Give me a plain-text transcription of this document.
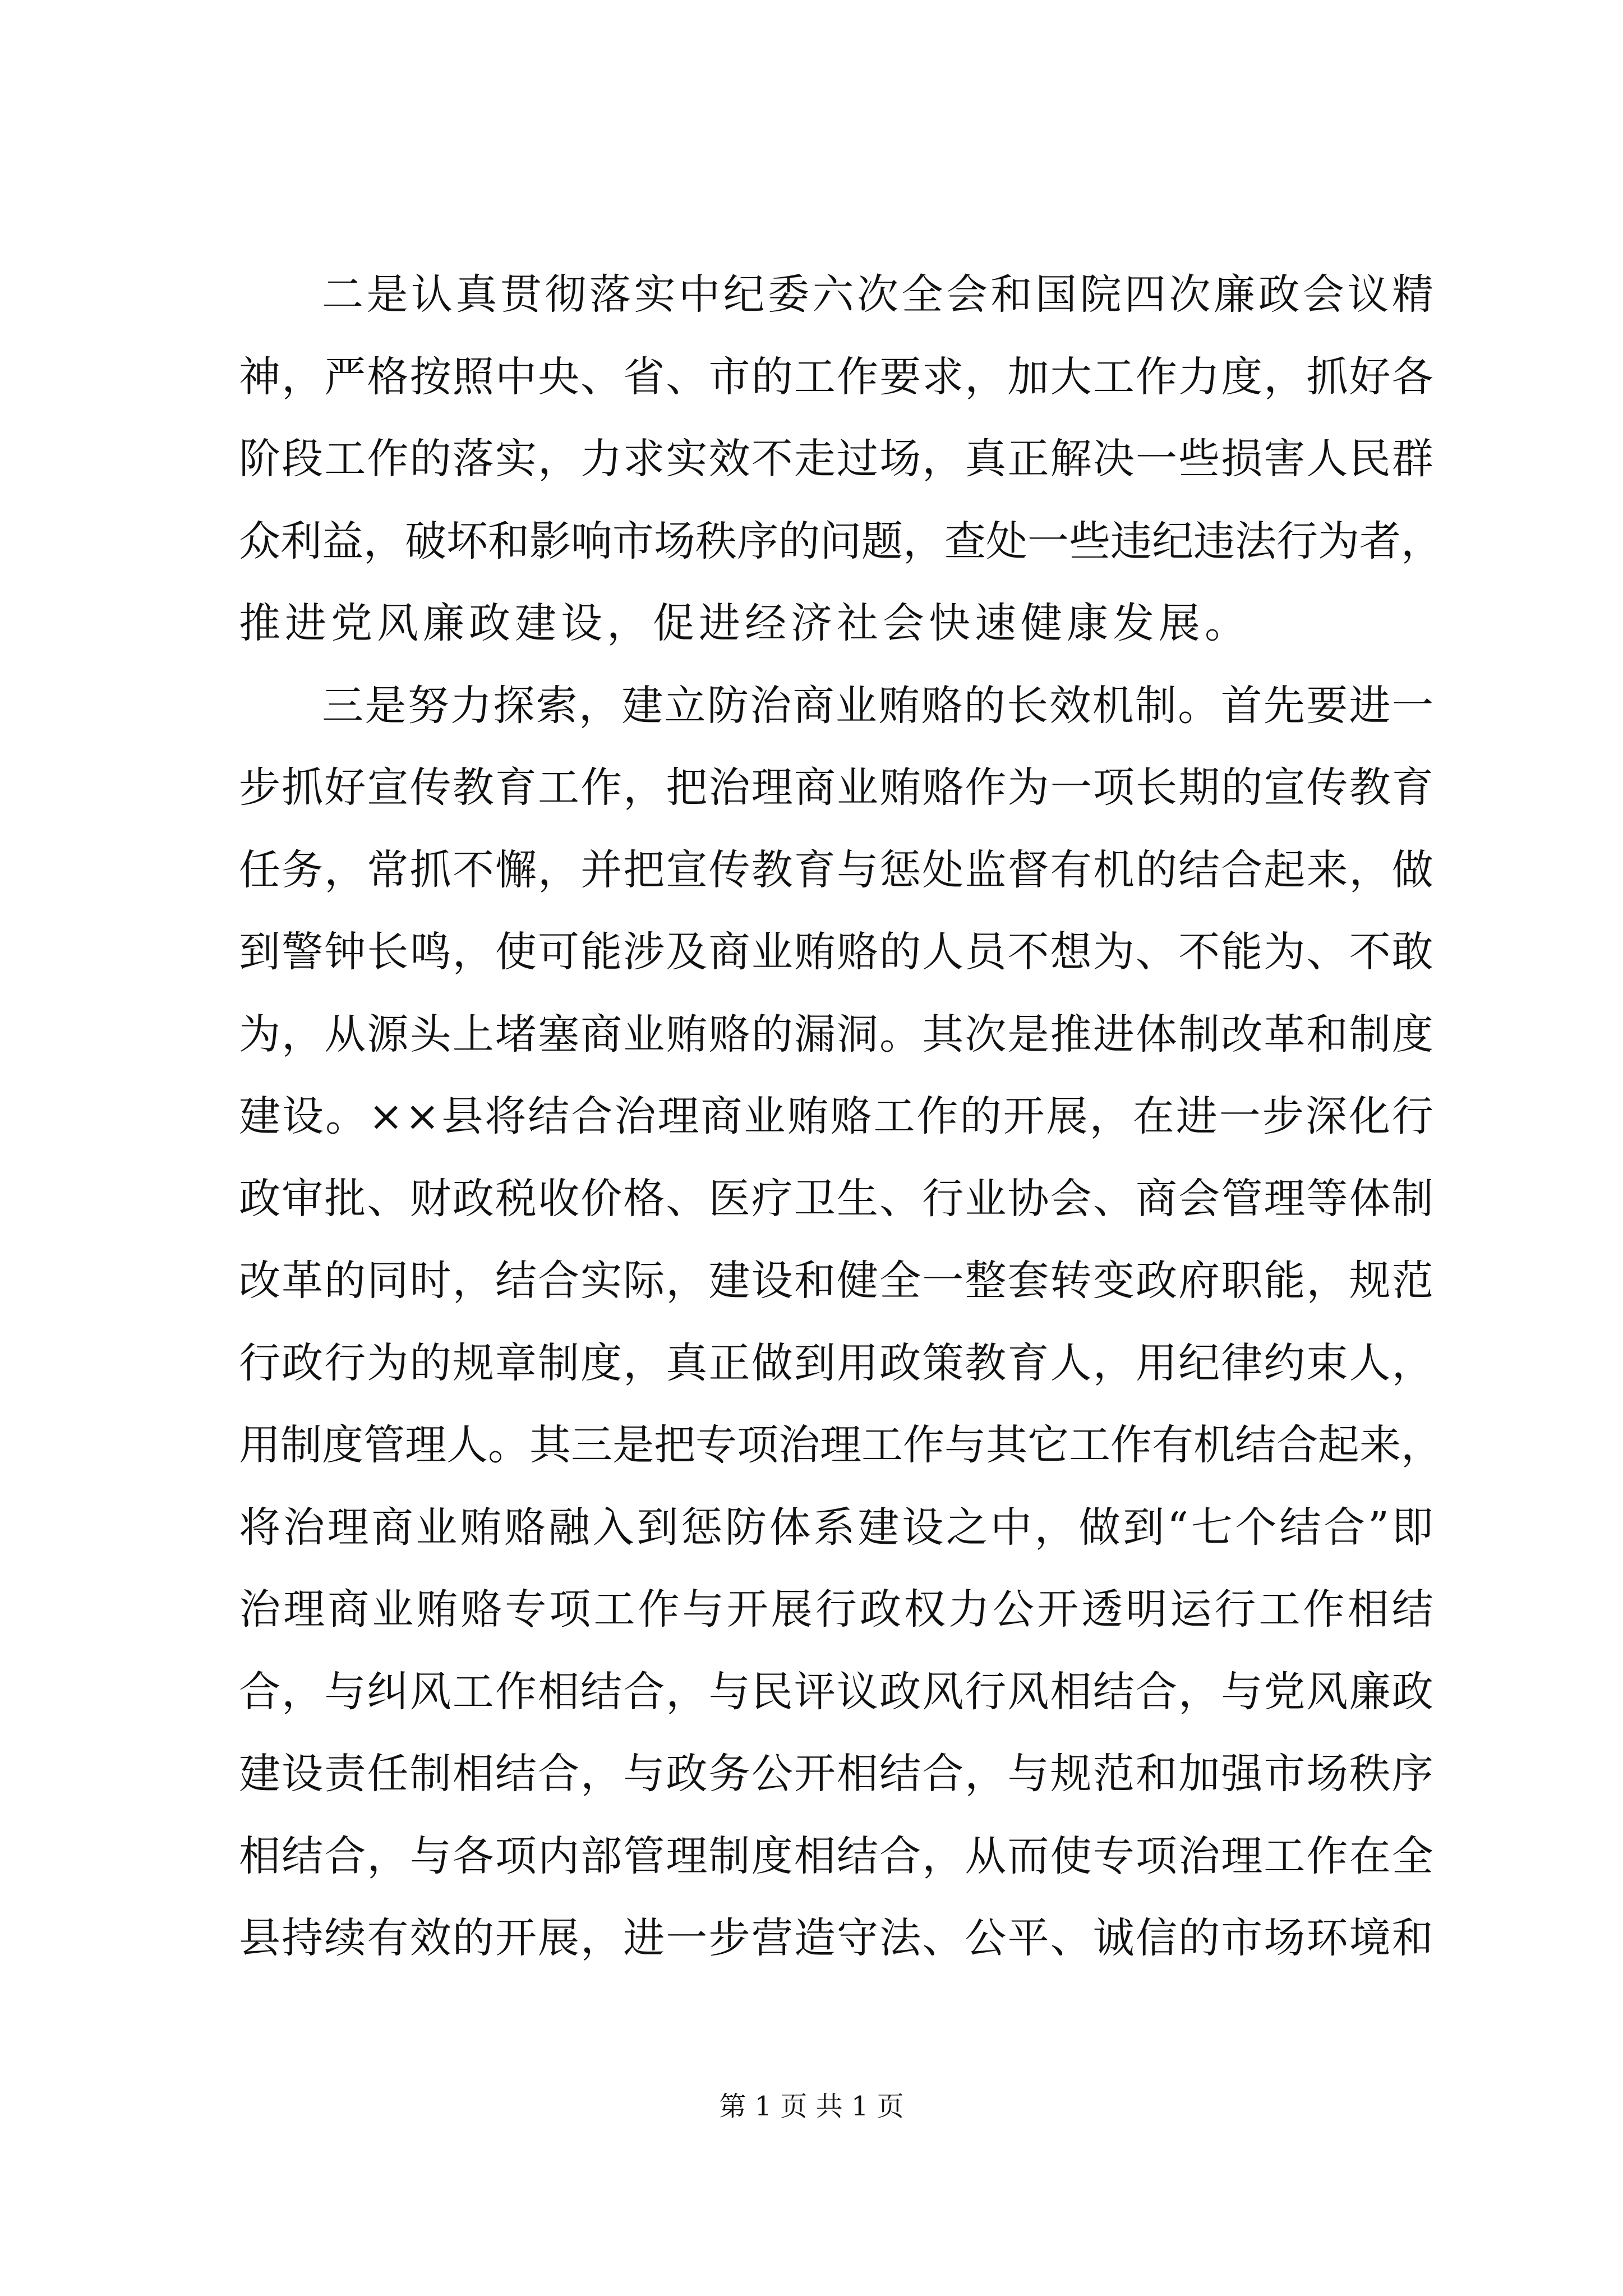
二 是 认 真 贯 彻 落 实 中 纪 委 六 次 全 会 和 国 院 四 次 廉 政 会 议 精
神 ， 严 格 按 照 中 央 、 省 、 市 的 工 作 要 求 ， 加 大 工 作 力 度 ， 抓 好 各
阶 段 工 作 的 落 实 ， 力 求 实 效 不 走 过 场 ， 真 正 解 决 一 些 损 害 人 民 群
众 利 益 ， 破 坏 和 影 响 市 场 秩 序 的 问 题 ， 查 处 一 些 违 纪 违 法 行 为 者 ，
推 进 党 风 廉 政 建 设 ， 促 进 经 济 社 会 快 速 健 康 发 展 。
三 是 努 力 探 索 ， 建 立 防 治 商 业 贿 赂 的 长 效 机 制 。 首 先 要 进 一
步 抓 好 宣 传 教 育 工 作 ， 把 治 理 商 业 贿 赂 作 为 一 项 长 期 的 宣 传 教 育
任 务 ， 常 抓 不 懈 ， 并 把 宣 传 教 育 与 惩 处 监 督 有 机 的 结 合 起 来 ， 做
到 警 钟 长 鸣 ， 使 可 能 涉 及 商 业 贿 赂 的 人 员 不 想 为 、 不 能 为 、 不 敢
为 ， 从 源 头 上 堵 塞 商 业 贿 赂 的 漏 洞 。 其 次 是 推 进 体 制 改 革 和 制 度
建 设 。 × × 县 将 结 合 治 理 商 业 贿 赂 工 作 的 开 展 ， 在 进 一 步 深 化 行
政 审 批 、 财 政 税 收 价 格 、 医 疗 卫 生 、 行 业 协 会 、 商 会 管 理 等 体 制
改 革 的 同 时 ， 结 合 实 际 ， 建 设 和 健 全 一 整 套 转 变 政 府 职 能 ， 规 范
行 政 行 为 的 规 章 制 度 ， 真 正 做 到 用 政 策 教 育 人 ， 用 纪 律 约 束 人 ，
用 制 度 管 理 人 。 其 三 是 把 专 项 治 理 工 作 与 其 它 工 作 有 机 结 合 起 来 ，
将 治 理 商 业 贿 赂 融 入 到 惩 防 体 系 建 设 之 中 ， 做 到 “ 七 个 结 合 ” 即
治 理 商 业 贿 赂 专 项 工 作 与 开 展 行 政 权 力 公 开 透 明 运 行 工 作 相 结
合 ， 与 纠 风 工 作 相 结 合 ， 与 民 评 议 政 风 行 风 相 结 合 ， 与 党 风 廉 政
建 设 责 任 制 相 结 合 ， 与 政 务 公 开 相 结 合 ， 与 规 范 和 加 强 市 场 秩 序
相 结 合 ， 与 各 项 内 部 管 理 制 度 相 结 合 ， 从 而 使 专 项 治 理 工 作 在 全
县 持 续 有 效 的 开 展 ， 进 一 步 营 造 守 法 、 公 平 、 诚 信 的 市 场 环 境 和
第 1 页 共 1 页
